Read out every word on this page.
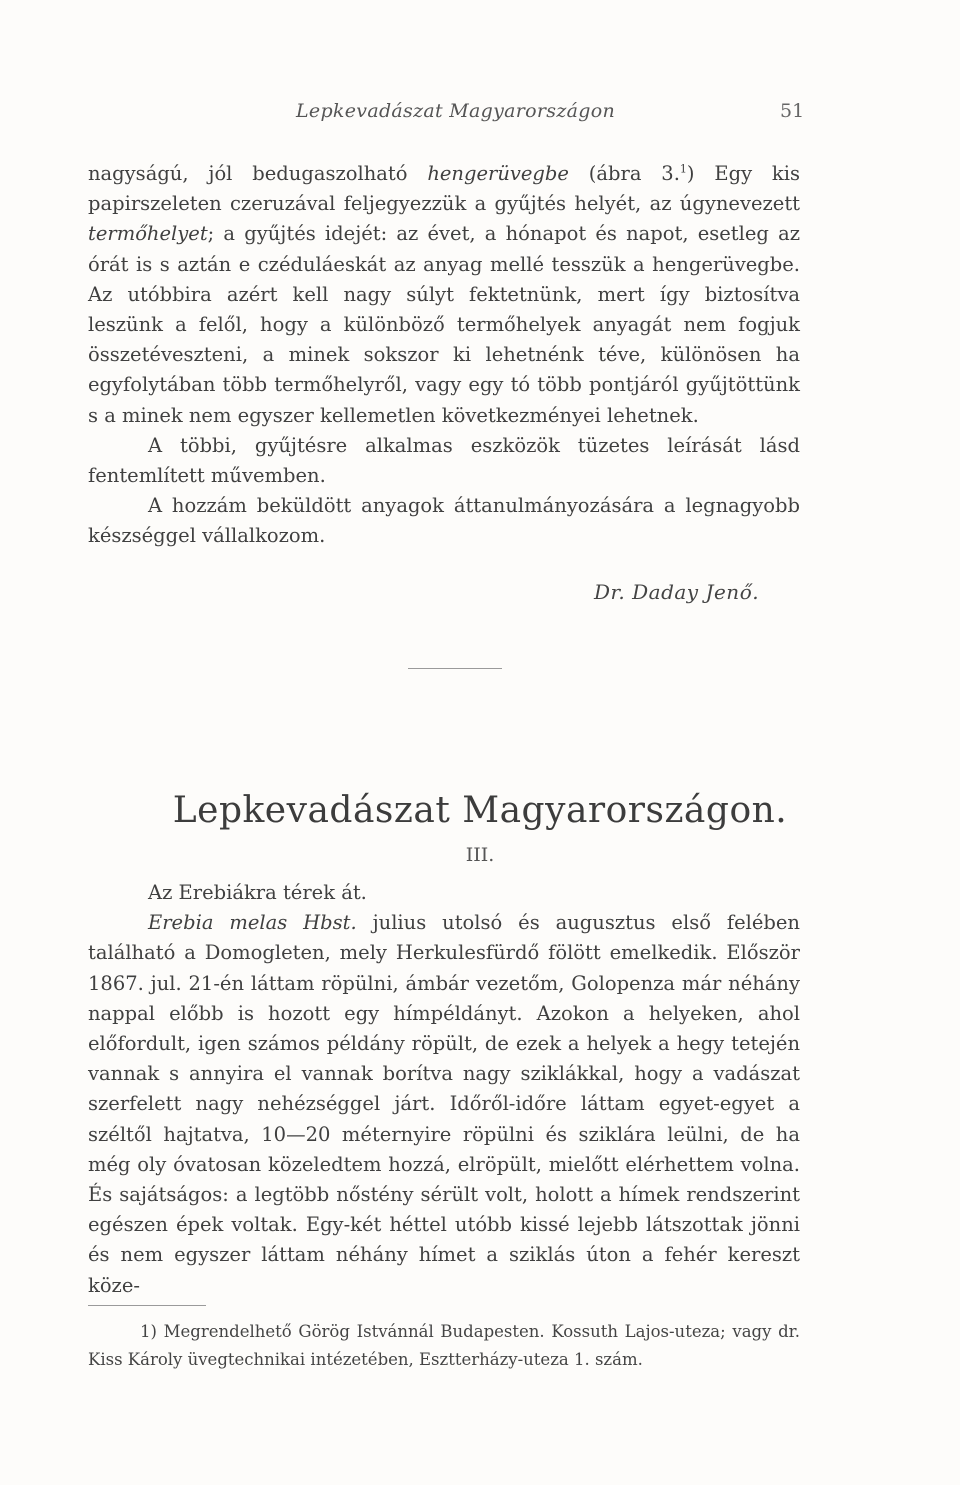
Lepkevadászat Magyarországon	51

nagyságú, jól bedugaszolható hengerüvegbe (ábra 3.$^1$) Egy kis papirszeleten czeruzával feljegyezzük a gyűjtés helyét, az úgynevezett termőhelyet; a gyűjtés idejét: az évet, a hónapot és napot, esetleg az órát is s aztán e czéduláeskát az anyag mellé tesszük a hengerüvegbe. Az utóbbira azért kell nagy súlyt fektetnünk, mert így biztosítva leszünk a felől, hogy a különböző termőhelyek anyagát nem fogjuk összetéveszteni, a minek sokszor ki lehetnénk téve, különösen ha egyfolytában több termőhelyről, vagy egy tó több pontjáról gyűjtöttünk s a minek nem egyszer kellemetlen következményei lehetnek.

A többi, gyűjtésre alkalmas eszközök tüzetes leírását lásd fentemlített művemben.

A hozzám beküldött anyagok áttanulmányozására a legnagyobb készséggel vállalkozom.

Dr. Daday Jenő.
Lepkevadászat Magyarországon.
III.

Az Erebiákra térek át.

Erebia melas Hbst. julius utolsó és augusztus első felében található a Domogleten, mely Herkulesfürdő fölött emelkedik. Először 1867. jul. 21-én láttam röpülni, ámbár vezetőm, Golopenza már néhány nappal előbb is hozott egy hímpéldányt. Azokon a helyeken, ahol előfordult, igen számos példány röpült, de ezek a helyek a hegy tetején vannak s annyira el vannak borítva nagy sziklákkal, hogy a vadászat szerfelett nagy nehézséggel járt. Időről-időre láttam egyet-egyet a széltől hajtatva, 10—20 méternyire röpülni és sziklára leülni, de ha még oly óvatosan közeledtem hozzá, elröpült, mielőtt elérhettem volna. És sajátságos: a legtöbb nőstény sérült volt, holott a hímek rendszerint egészen épek voltak. Egy-két héttel utóbb kissé lejebb látszottak jönni és nem egyszer láttam néhány hímet a sziklás úton a fehér kereszt köze-

1) Megrendelhető Görög Istvánnál Budapesten. Kossuth Lajos-uteza; vagy dr. Kiss Károly üvegtechnikai intézetében, Esztterházy-uteza 1. szám.
